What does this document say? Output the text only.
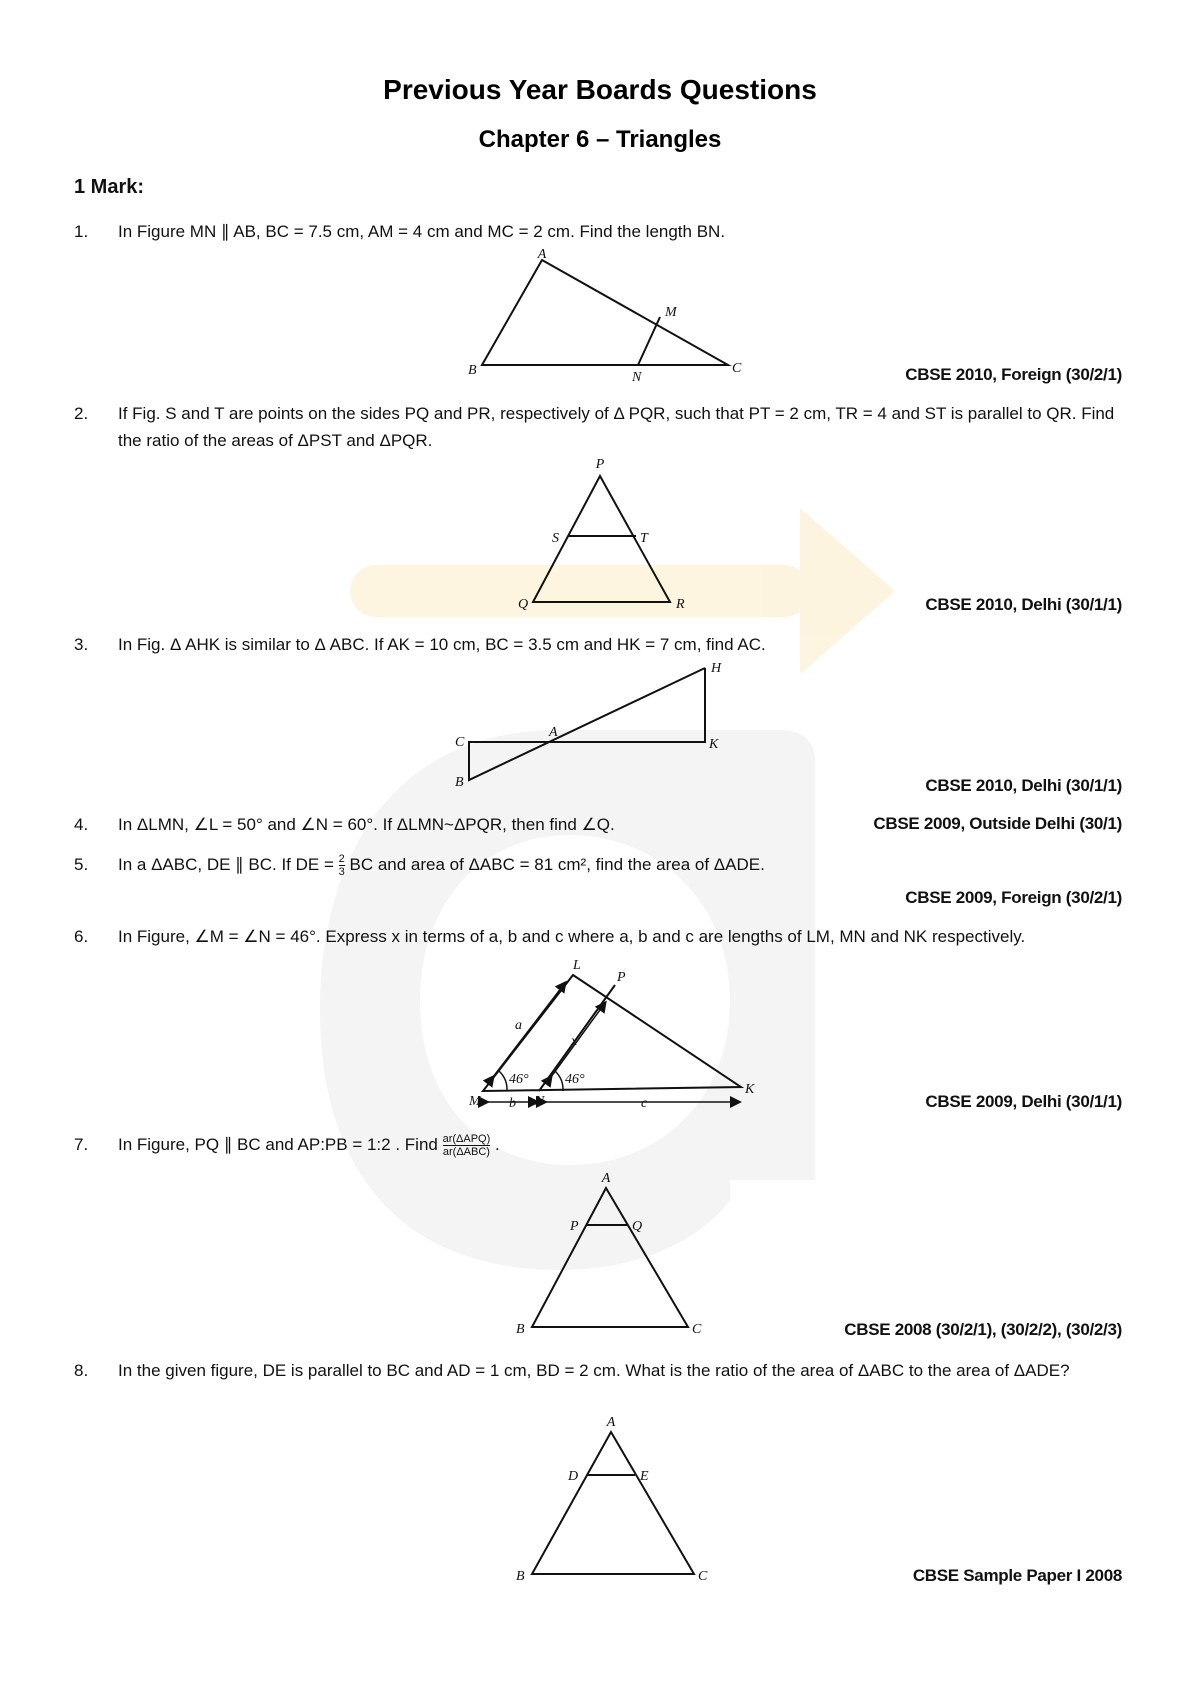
Previous Year Boards Questions
Chapter 6 – Triangles
1 Mark:
1.	In Figure MN ∥ AB, BC = 7.5 cm, AM = 4 cm and MC = 2 cm. Find the length BN.
A
M
B	N
C	CBSE 2010, Foreign (30/2/1)
2.	If Fig. S and T are points on the sides PQ and PR, respectively of Δ PQR, such that PT = 2 cm, TR = 4 and ST is parallel to QR. Find the ratio of the areas of ΔPST and ΔPQR.
P
S	T
Q	R	CBSE 2010, Delhi (30/1/1)
3.	In Fig. Δ AHK is similar to Δ ABC. If AK = 10 cm, BC = 3.5 cm and HK = 7 cm, find AC.
H
C
A
K
B	CBSE 2010, Delhi (30/1/1)
4.	In ΔLMN, ∠L = 50° and ∠N = 60°. If ΔLMN~ΔPQR, then find ∠Q.	CBSE 2009, Outside Delhi (30/1)
5.	In a ΔABC, DE ∥ BC. If DE = $\frac{2}{3}$ BC and area of ΔABC = 81 cm², find the area of ΔADE.
CBSE 2009, Foreign (30/2/1)
6.	In Figure, ∠M = ∠N = 46°. Express x in terms of a, b and c where a, b and c are lengths of LM, MN and NK respectively.
L
P
a
x
46°	46°
M b N	c
K
CBSE 2009, Delhi (30/1/1)
7.	In Figure, PQ ∥ BC and AP:PB = 1:2 . Find $\frac{\text{ar(ΔAPQ)}}{\text{ar(ΔABC)}}$ .
A
P	Q
B	C	CBSE 2008 (30/2/1), (30/2/2), (30/2/3)
8.	In the given figure, DE is parallel to BC and AD = 1 cm, BD = 2 cm. What is the ratio of the area of ΔABC to the area of ΔADE?
A
D	E
B	C	CBSE Sample Paper I 2008
